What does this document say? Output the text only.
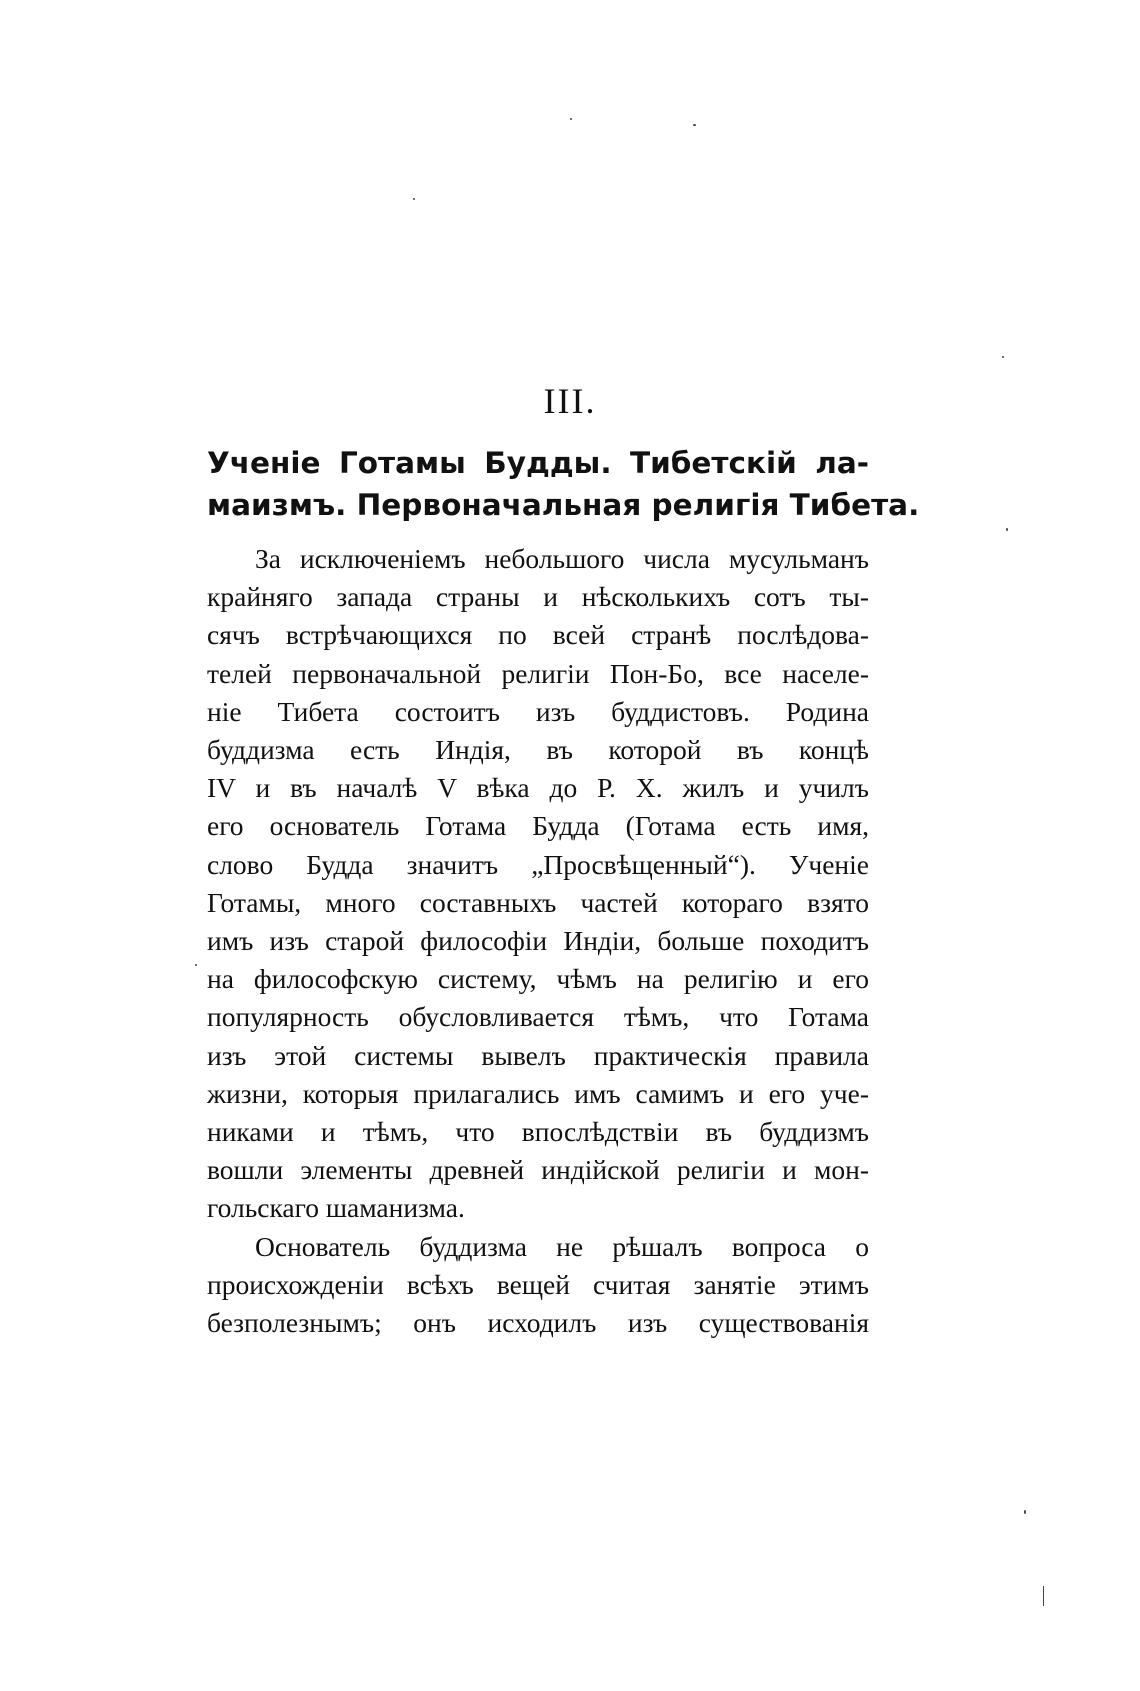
III.
Ученіе Готамы Будды. Тибетскій ла-
маизмъ. Первоначальная религія Тибета.
За исключеніемъ небольшого числа мусульманъ
крайняго запада страны и нѣсколькихъ сотъ ты-
сячъ встрѣчающихся по всей странѣ послѣдова-
телей первоначальной религіи Пон-Бо, все населе-
ніе Тибета состоитъ изъ буддистовъ. Родина
буддизма есть Индія, въ которой въ концѣ
IV и въ началѣ V вѣка до Р. Х. жилъ и училъ
его основатель Готама Будда (Готама есть имя,
слово Будда значитъ „Просвѣщенный“). Ученіе
Готамы, много составныхъ частей котораго взято
имъ изъ старой философіи Индіи, больше походитъ
на философскую систему, чѣмъ на религію и его
популярность обусловливается тѣмъ, что Готама
изъ этой системы вывелъ практическія правила
жизни, которыя прилагались имъ самимъ и его уче-
никами и тѣмъ, что впослѣдствіи въ буддизмъ
вошли элементы древней индійской религіи и мон-
гольскаго шаманизма.
Основатель буддизма не рѣшалъ вопроса о
происхожденіи всѣхъ вещей считая занятіе этимъ
безполезнымъ; онъ исходилъ изъ существованія
